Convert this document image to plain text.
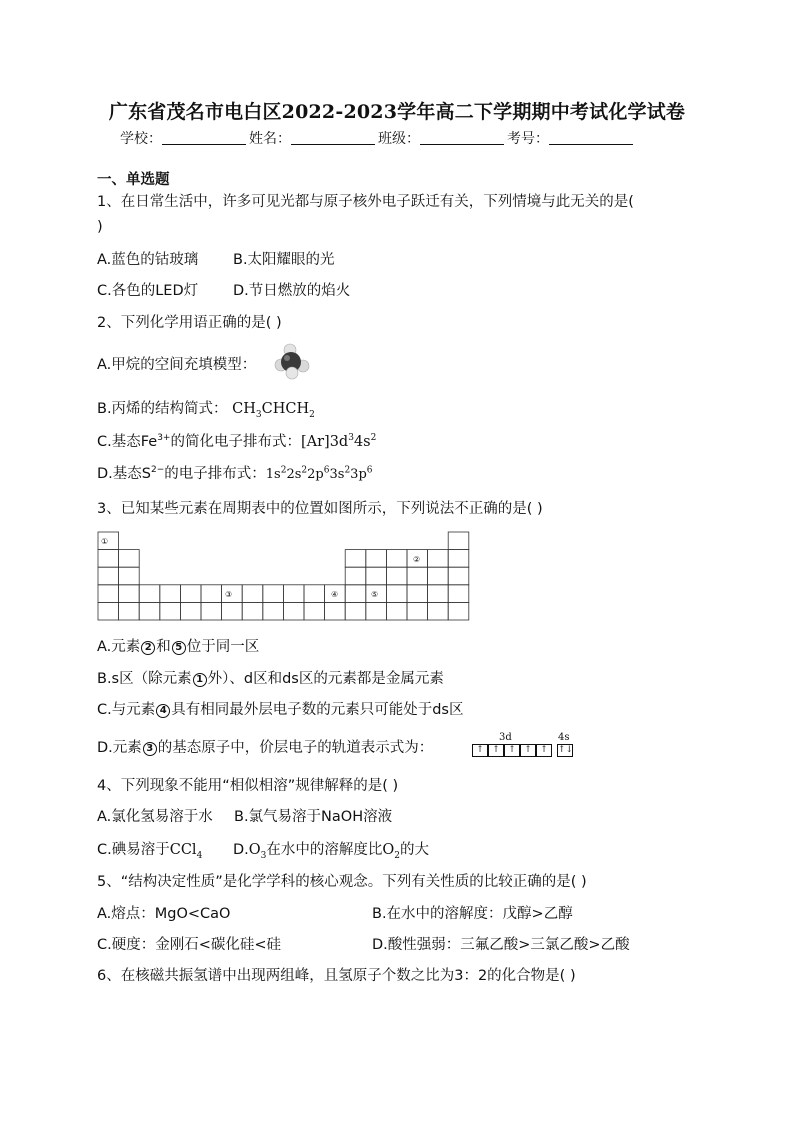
广东省茂名市电白区2022-2023学年高二下学期期中考试化学试卷
学校：	姓名：	班级：	考号：
一、单选题
1、在日常生活中，许多可见光都与原子核外电子跃迁有关，下列情境与此无关的是(
)
A.蓝色的钴玻璃 B.太阳耀眼的光
C.各色的LED灯 D.节日燃放的焰火
2、下列化学用语正确的是( )
A.甲烷的空间充填模型：
B.丙烯的结构简式： $CH_3CHCH_2$
C.基态$Fe^{3+}$的简化电子排布式：$[Ar]3d^34s^2$
D.基态$S^{2-}$的电子排布式：$1s^22s^22p^63s^23p^6$
3、已知某些元素在周期表中的位置如图所示，下列说法不正确的是( )
①
②
③	④	⑤
A.元素 2 和 5 位于同一区
B.s区（除元素 1 外）、d区和ds区的元素都是金属元素
C.与元素 4 具有相同最外层电子数的元素只可能处于ds区
D.元素 3 的基态原子中，价层电子的轨道表示式为：
3d	4s
↑ ↑ ↑ ↑ ↑	↑↓
4、下列现象不能用“相似相溶”规律解释的是( )
A.氯化氢易溶于水 B.氯气易溶于NaOH溶液
C.碘易溶于CCl$_4$ $D.O_3$在水中的溶解度比$O_2$的大
5、“结构决定性质”是化学学科的核心观念。下列有关性质的比较正确的是( )
A.熔点：MgO<CaO	B.在水中的溶解度：戊醇>乙醇
C.硬度：金刚石<碳化硅<硅	D.酸性强弱：三氟乙酸>三氯乙酸>乙酸
6、在核磁共振氢谱中出现两组峰，且氢原子个数之比为3：2的化合物是( )
